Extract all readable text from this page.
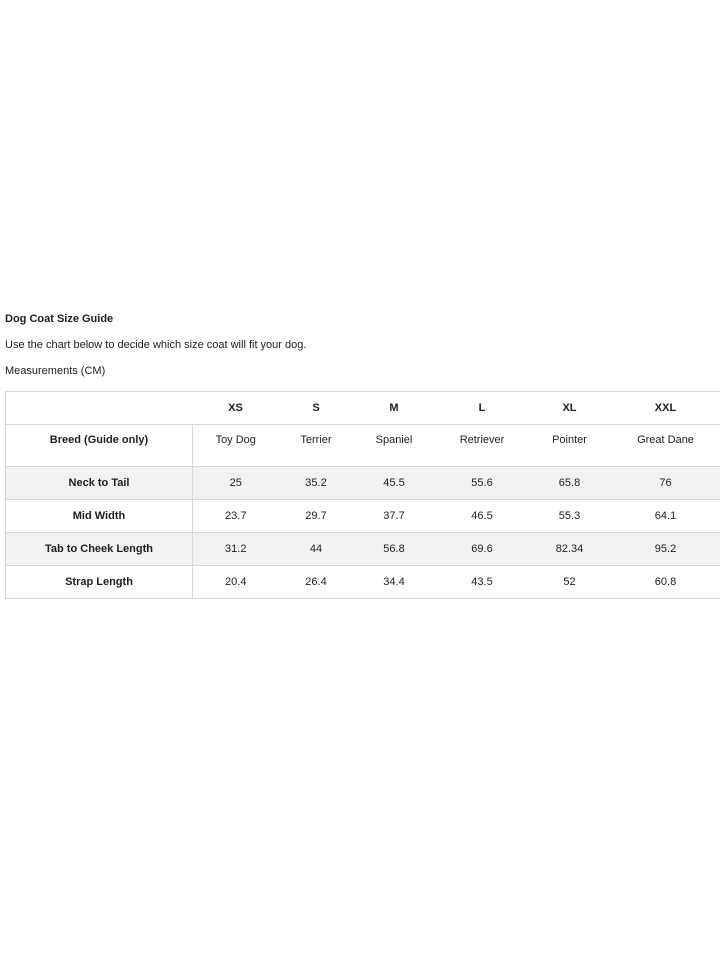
Dog Coat Size Guide

Use the chart below to decide which size coat will fit your dog.

Measurements (CM)

	XS	S	M	L	XL	XXL
Breed (Guide only)	Toy Dog	Terrier	Spaniel	Retriever	Pointer	Great Dane
Neck to Tail	25	35.2	45.5	55.6	65.8	76
Mid Width	23.7	29.7	37.7	46.5	55.3	64.1
Tab to Cheek Length	31.2	44	56.8	69.6	82.34	95.2
Strap Length	20.4	26.4	34.4	43.5	52	60.8
